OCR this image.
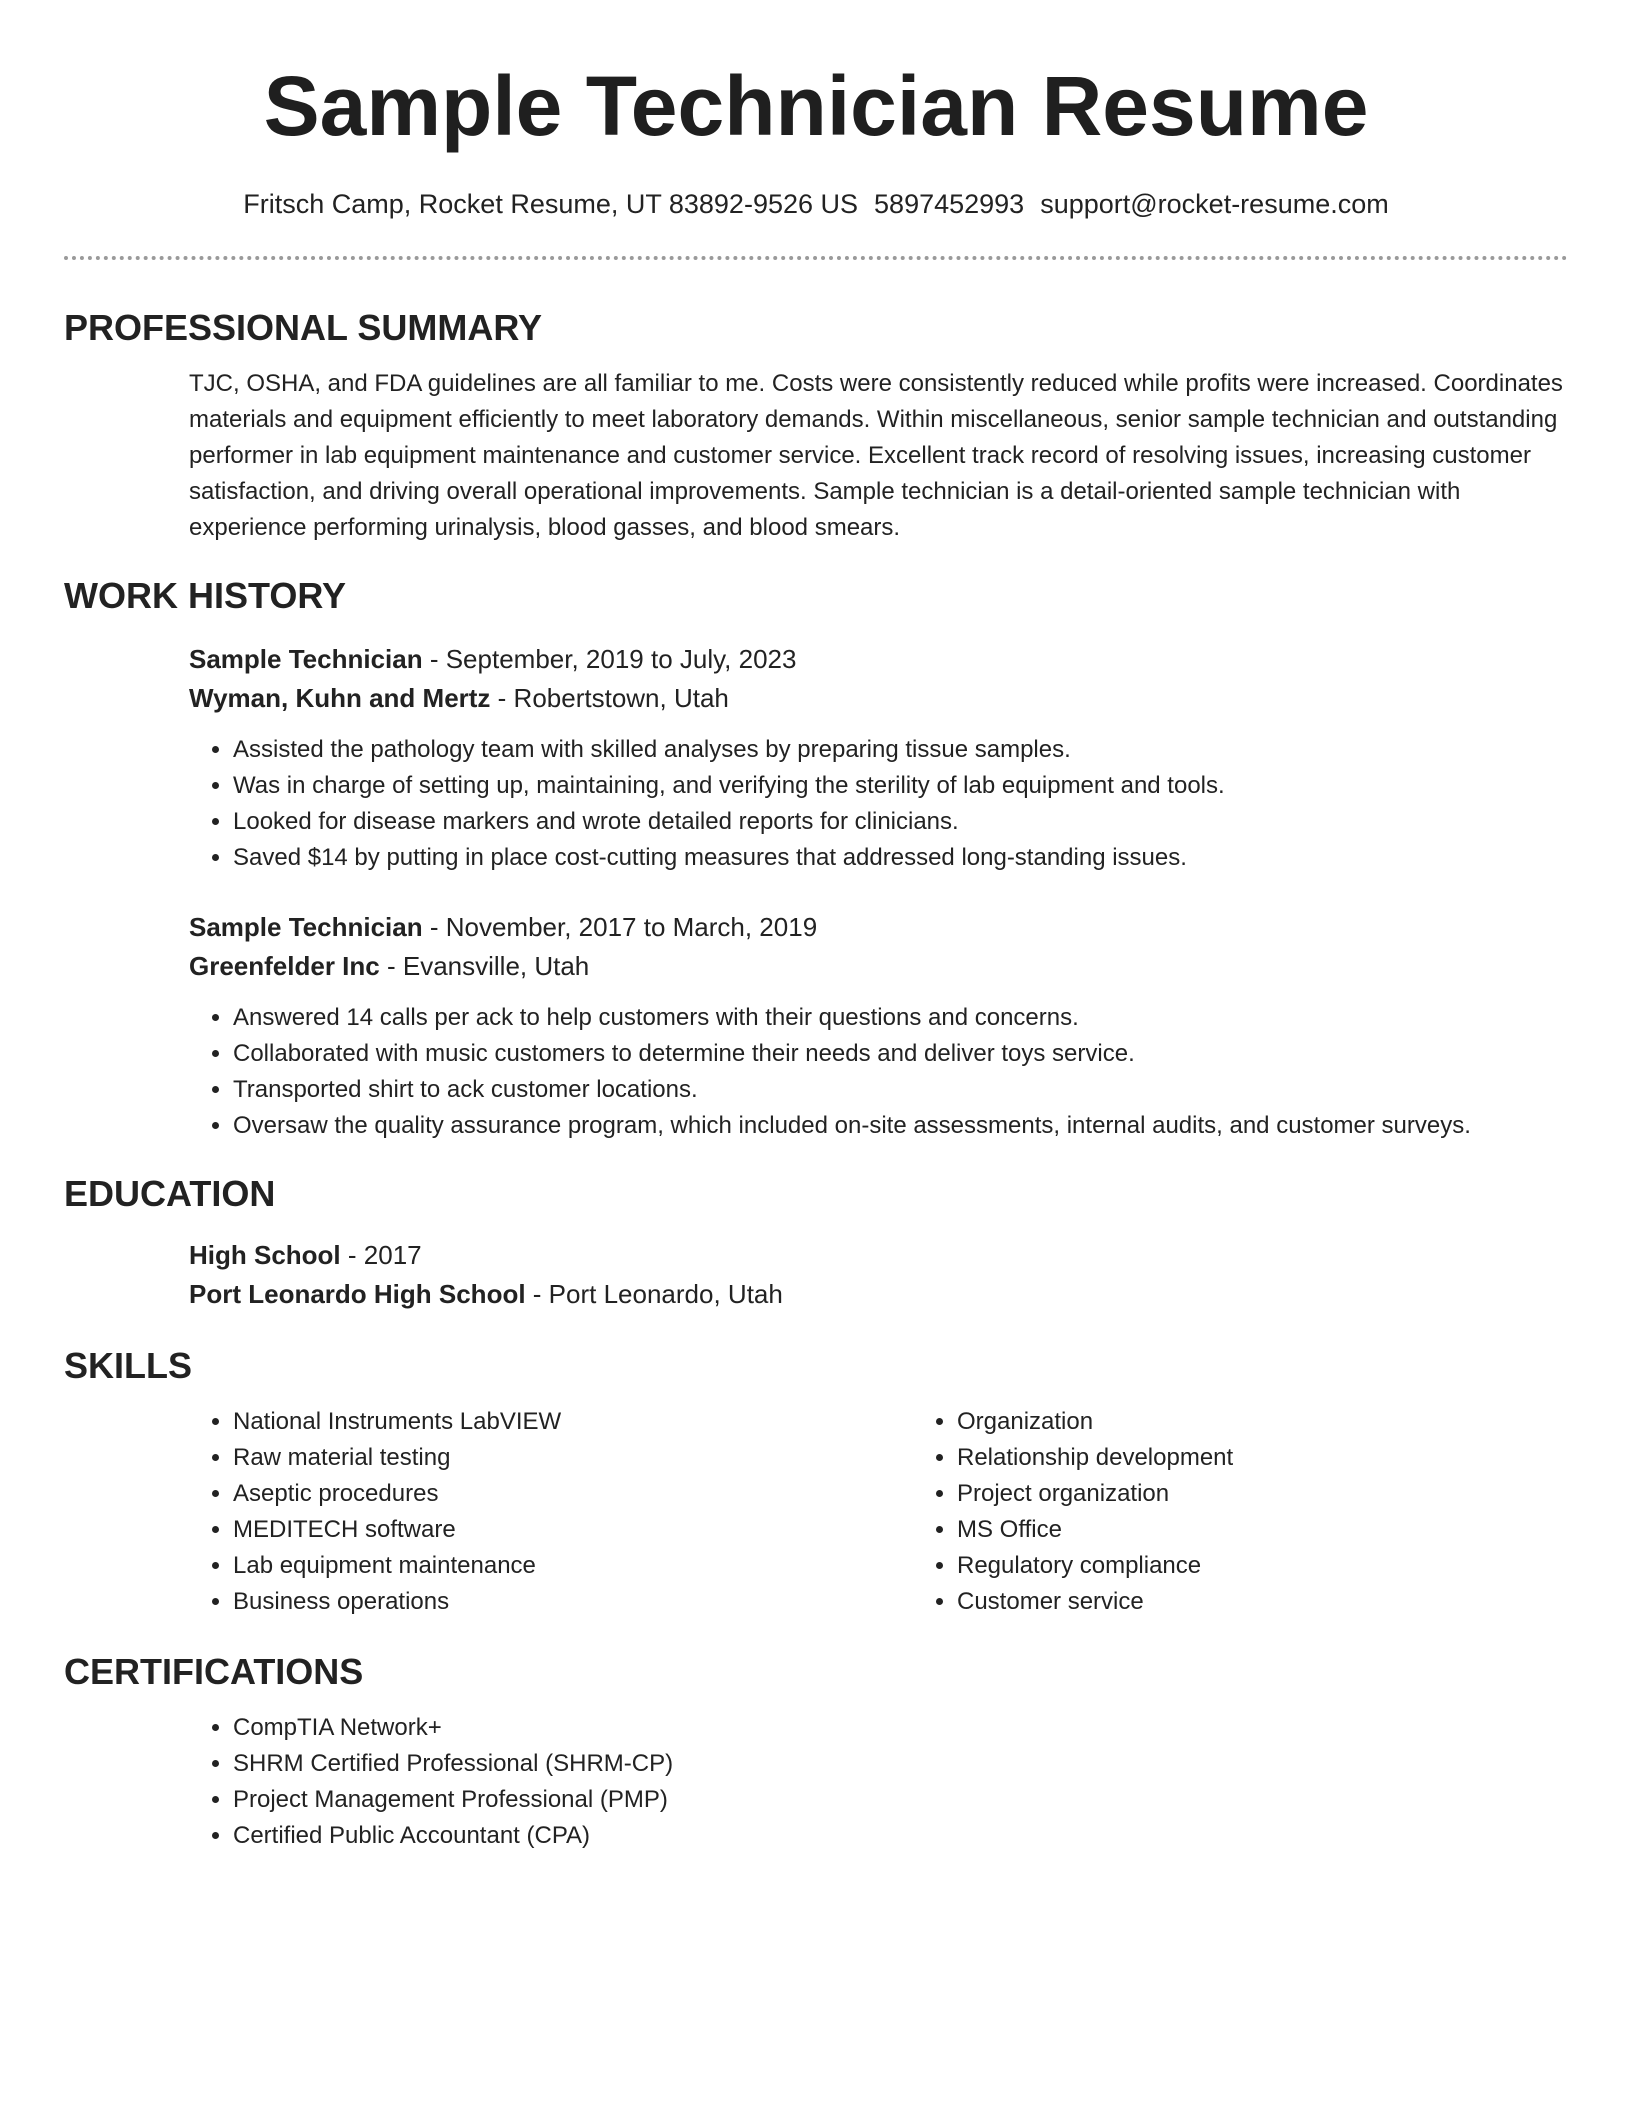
Sample Technician Resume
Fritsch Camp, Rocket Resume, UT 83892-9526 US 5897452993 support@rocket-resume.com
PROFESSIONAL SUMMARY
TJC, OSHA, and FDA guidelines are all familiar to me. Costs were consistently reduced while profits were increased. Coordinates materials and equipment efficiently to meet laboratory demands. Within miscellaneous, senior sample technician and outstanding performer in lab equipment maintenance and customer service. Excellent track record of resolving issues, increasing customer satisfaction, and driving overall operational improvements. Sample technician is a detail-oriented sample technician with experience performing urinalysis, blood gasses, and blood smears.
WORK HISTORY
Sample Technician - September, 2019 to July, 2023
Wyman, Kuhn and Mertz - Robertstown, Utah
• Assisted the pathology team with skilled analyses by preparing tissue samples.
• Was in charge of setting up, maintaining, and verifying the sterility of lab equipment and tools.
• Looked for disease markers and wrote detailed reports for clinicians.
• Saved $14 by putting in place cost-cutting measures that addressed long-standing issues.
Sample Technician - November, 2017 to March, 2019
Greenfelder Inc - Evansville, Utah
• Answered 14 calls per ack to help customers with their questions and concerns.
• Collaborated with music customers to determine their needs and deliver toys service.
• Transported shirt to ack customer locations.
• Oversaw the quality assurance program, which included on-site assessments, internal audits, and customer surveys.
EDUCATION
High School - 2017
Port Leonardo High School - Port Leonardo, Utah
SKILLS
• National Instruments LabVIEW
• Raw material testing
• Aseptic procedures
• MEDITECH software
• Lab equipment maintenance
• Business operations
• Organization
• Relationship development
• Project organization
• MS Office
• Regulatory compliance
• Customer service
CERTIFICATIONS
• CompTIA Network+
• SHRM Certified Professional (SHRM-CP)
• Project Management Professional (PMP)
• Certified Public Accountant (CPA)
